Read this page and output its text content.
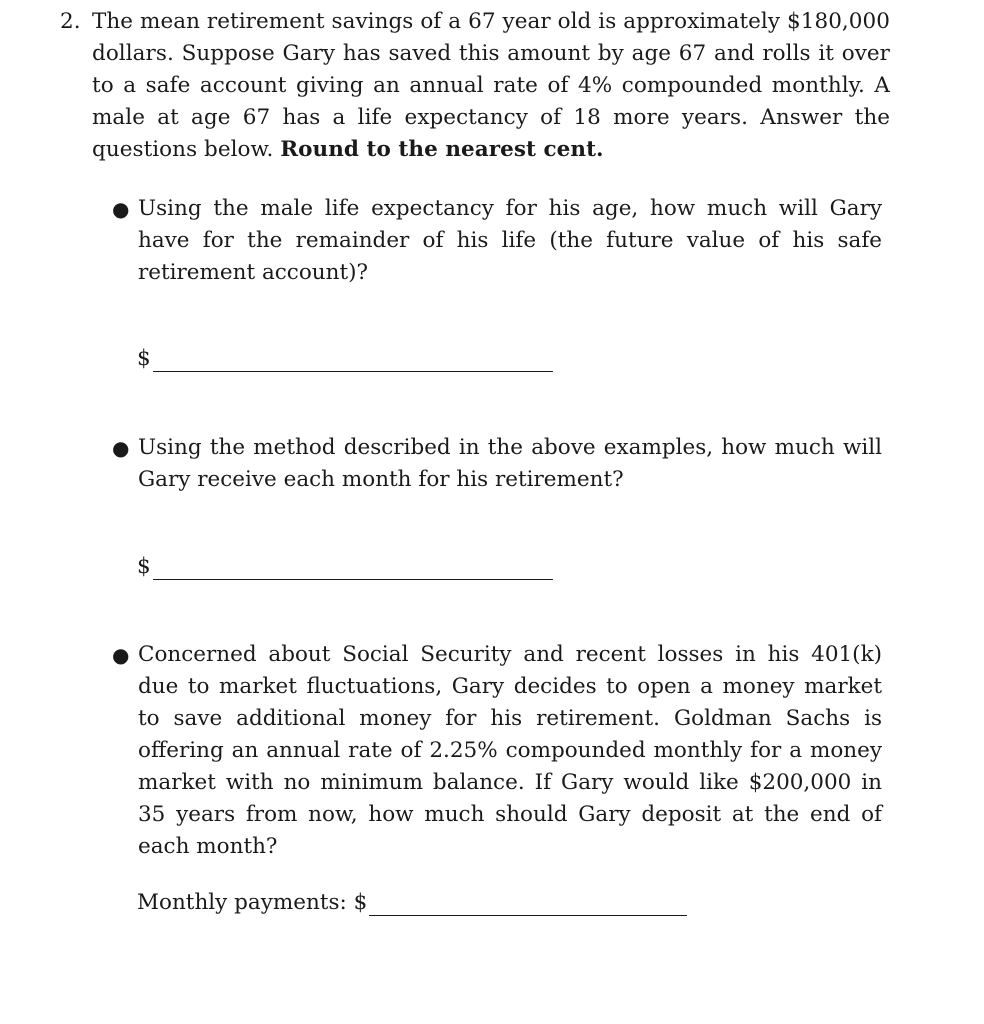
2. The mean retirement savings of a 67 year old is approximately $180,000 dollars. Suppose Gary has saved this amount by age 67 and rolls it over to a safe account giving an annual rate of 4% compounded monthly. A male at age 67 has a life expectancy of 18 more years. Answer the questions below. Round to the nearest cent.
● Using the male life expectancy for his age, how much will Gary have for the remainder of his life (the future value of his safe retirement account)?
$
● Using the method described in the above examples, how much will Gary receive each month for his retirement?
$
● Concerned about Social Security and recent losses in his 401(k) due to market fluctuations, Gary decides to open a money market to save additional money for his retirement. Goldman Sachs is offering an annual rate of 2.25% compounded monthly for a money market with no minimum balance. If Gary would like $200,000 in 35 years from now, how much should Gary deposit at the end of each month?
Monthly payments: $
